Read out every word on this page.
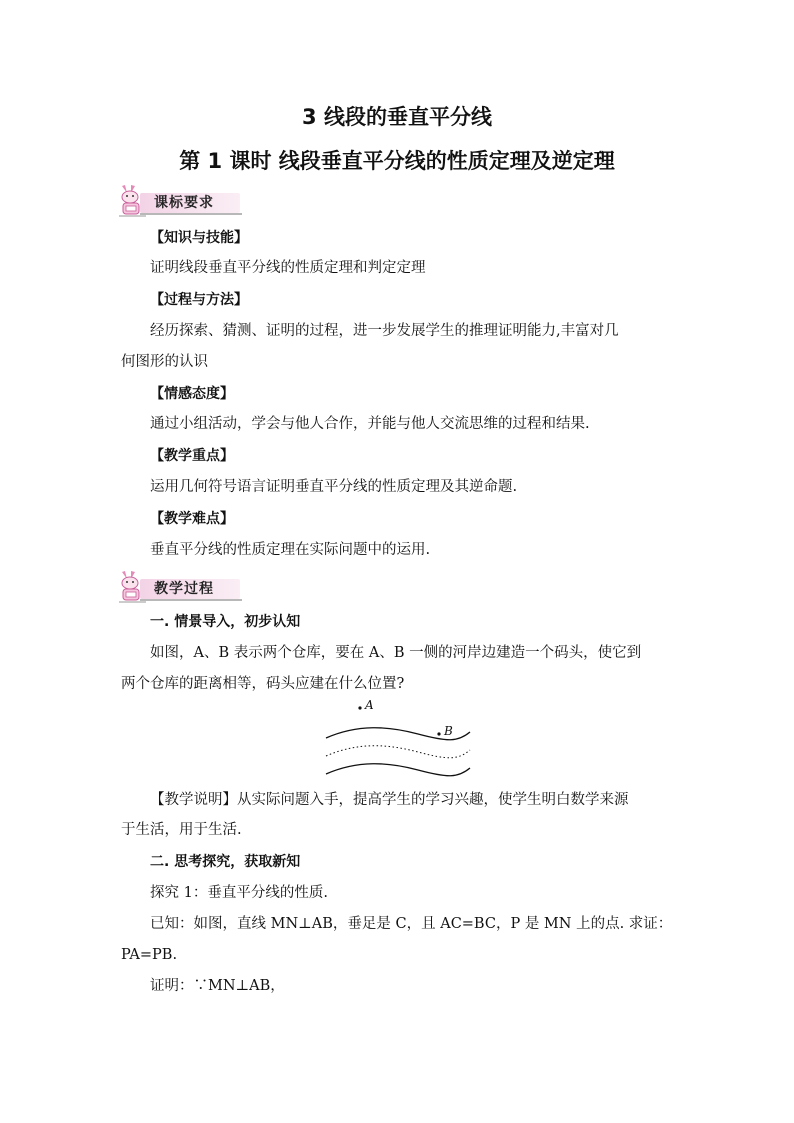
3 线段的垂直平分线
第 1 课时 线段垂直平分线的性质定理及逆定理
课标要求
【知识与技能】
证明线段垂直平分线的性质定理和判定定理
【过程与方法】
经历探索、猜测、证明的过程，进一步发展学生的推理证明能力,丰富对几
何图形的认识
【情感态度】
通过小组活动，学会与他人合作，并能与他人交流思维的过程和结果.
【教学重点】
运用几何符号语言证明垂直平分线的性质定理及其逆命题.
【教学难点】
垂直平分线的性质定理在实际问题中的运用.
教学过程
一. 情景导入，初步认知
如图，A、B 表示两个仓库，要在 A、B 一侧的河岸边建造一个码头，使它到
两个仓库的距离相等，码头应建在什么位置?
A
B
【教学说明】从实际问题入手，提高学生的学习兴趣，使学生明白数学来源
于生活，用于生活.
二. 思考探究，获取新知
探究 1：垂直平分线的性质.
已知：如图，直线 MN⊥AB，垂足是 C，且 AC=BC，P 是 MN 上的点. 求证：
PA=PB.
证明：∵MN⊥AB，
